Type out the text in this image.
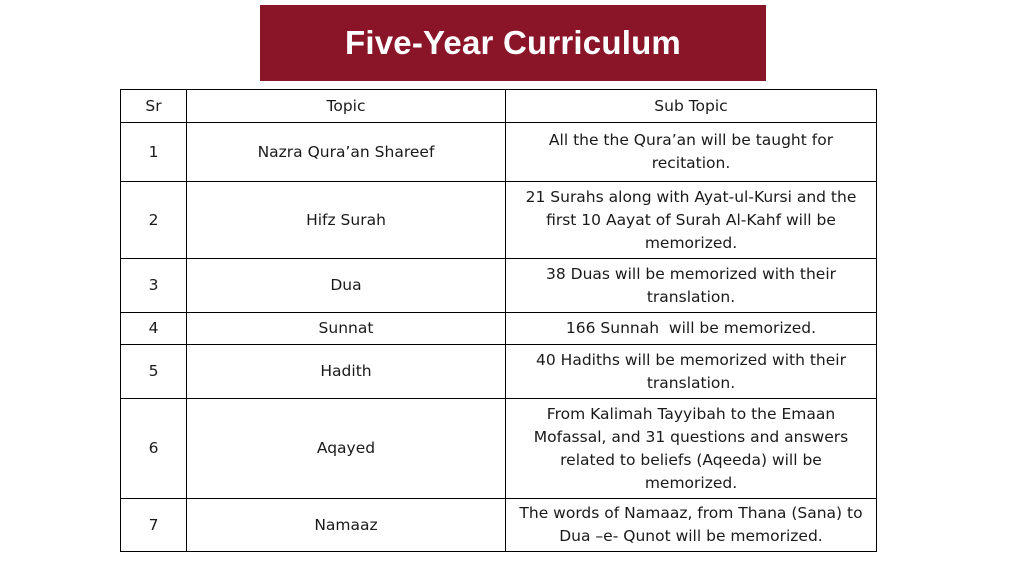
Five-Year Curriculum
Sr	Topic	Sub Topic
1	Nazra Qura’an Shareef	All the the Qura’an will be taught for recitation.
2	Hifz Surah	21 Surahs along with Ayat-ul-Kursi and the first 10 Aayat of Surah Al-Kahf will be memorized.
3	Dua	38 Duas will be memorized with their translation.
4	Sunnat	166 Sunnah  will be memorized.
5	Hadith	40 Hadiths will be memorized with their translation.
6	Aqayed	From Kalimah Tayyibah to the Emaan Mofassal, and 31 questions and answers related to beliefs (Aqeeda) will be memorized.
7	Namaaz	The words of Namaaz, from Thana (Sana) to Dua –e- Qunot will be memorized.
